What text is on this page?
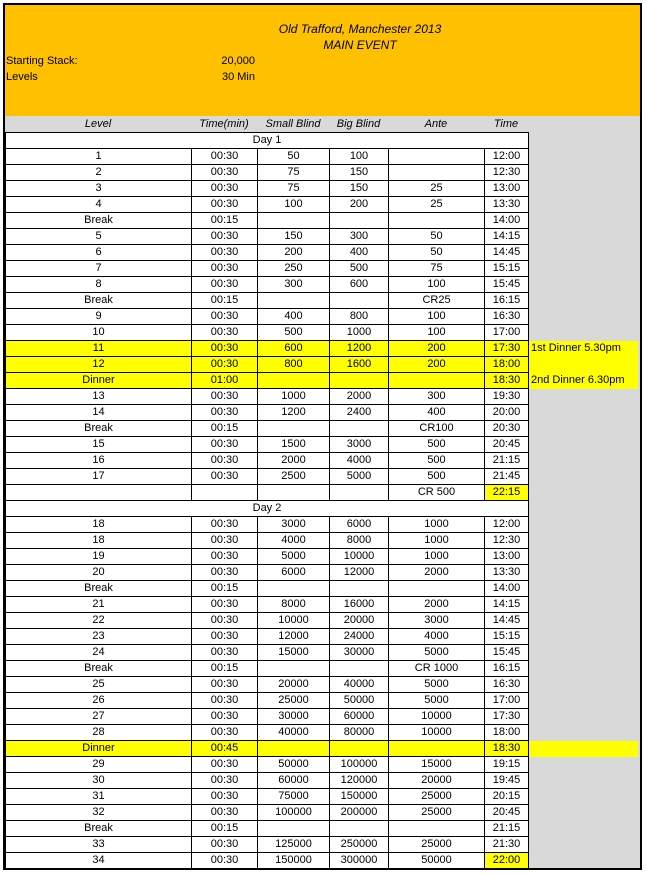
Old Trafford, Manchester 2013
MAIN EVENT
Starting Stack:	20,000
Levels	30 Min
Level	Time(min)	Small Blind	Big Blind	Ante	Time
Day 1						
1	00:30	50	100		12:00	
2	00:30	75	150		12:30	
3	00:30	75	150	25	13:00	
4	00:30	100	200	25	13:30	
Break	00:15				14:00	
5	00:30	150	300	50	14:15	
6	00:30	200	400	50	14:45	
7	00:30	250	500	75	15:15	
8	00:30	300	600	100	15:45	
Break	00:15			CR25	16:15	
9	00:30	400	800	100	16:30	
10	00:30	500	1000	100	17:00	
11	00:30	600	1200	200	17:30	1st Dinner 5.30pm
12	00:30	800	1600	200	18:00	
Dinner	01:00				18:30	2nd Dinner 6.30pm
13	00:30	1000	2000	300	19:30	
14	00:30	1200	2400	400	20:00	
Break	00:15			CR100	20:30	
15	00:30	1500	3000	500	20:45	
16	00:30	2000	4000	500	21:15	
17	00:30	2500	5000	500	21:45	
				CR 500	22:15	
Day 2						
18	00:30	3000	6000	1000	12:00	
18	00:30	4000	8000	1000	12:30	
19	00:30	5000	10000	1000	13:00	
20	00:30	6000	12000	2000	13:30	
Break	00:15				14:00	
21	00:30	8000	16000	2000	14:15	
22	00:30	10000	20000	3000	14:45	
23	00:30	12000	24000	4000	15:15	
24	00:30	15000	30000	5000	15:45	
Break	00:15			CR 1000	16:15	
25	00:30	20000	40000	5000	16:30	
26	00:30	25000	50000	5000	17:00	
27	00:30	30000	60000	10000	17:30	
28	00:30	40000	80000	10000	18:00	
Dinner	00:45				18:30	
29	00:30	50000	100000	15000	19:15	
30	00:30	60000	120000	20000	19:45	
31	00:30	75000	150000	25000	20:15	
32	00:30	100000	200000	25000	20:45	
Break	00:15				21:15	
33	00:30	125000	250000	25000	21:30	
34	00:30	150000	300000	50000	22:00	
